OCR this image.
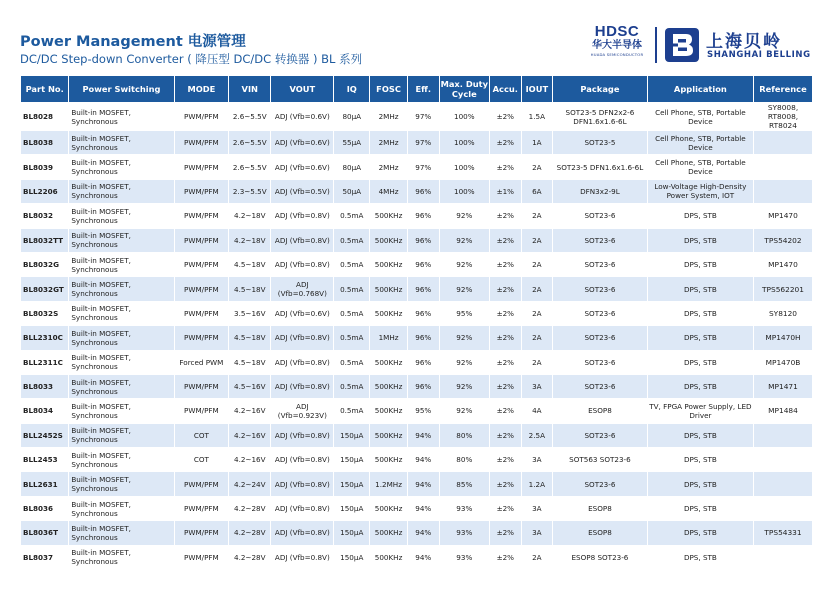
Power Management 电源管理
DC/DC Step-down Converter ( 降压型 DC/DC 转换器 ) BL 系列
HDSC
华大半导体
HUADA SEMICONDUCTOR
上海贝岭
SHANGHAI BELLING
Part No.	Power Switching	MODE	VIN	VOUT	IQ	FOSC	Eff.	Max. Duty Cycle	Accu.	IOUT	Package	Application	Reference
BL8028	Built-in MOSFET, Synchronous	PWM/PFM	2.6~5.5V	ADJ (Vfb=0.6V)	80μA	2MHz	97%	100%	±2%	1.5A	SOT23-5 DFN2x2-6 DFN1.6x1.6-6L	Cell Phone, STB, Portable Device	SY8008, RT8008, RT8024
BL8038	Built-in MOSFET, Synchronous	PWM/PFM	2.6~5.5V	ADJ (Vfb=0.6V)	55μA	2MHz	97%	100%	±2%	1A	SOT23-5	Cell Phone, STB, Portable Device	
BL8039	Built-in MOSFET, Synchronous	PWM/PFM	2.6~5.5V	ADJ (Vfb=0.6V)	80μA	2MHz	97%	100%	±2%	2A	SOT23-5 DFN1.6x1.6-6L	Cell Phone, STB, Portable Device	
BLL2206	Built-in MOSFET, Synchronous	PWM/PFM	2.3~5.5V	ADJ (Vfb=0.5V)	50μA	4MHz	96%	100%	±1%	6A	DFN3x2-9L	Low-Voltage High-Density Power System, IOT	
BL8032	Built-in MOSFET, Synchronous	PWM/PFM	4.2~18V	ADJ (Vfb=0.8V)	0.5mA	500KHz	96%	92%	±2%	2A	SOT23-6	DPS, STB	MP1470
BL8032TT	Built-in MOSFET, Synchronous	PWM/PFM	4.2~18V	ADJ (Vfb=0.8V)	0.5mA	500KHz	96%	92%	±2%	2A	SOT23-6	DPS, STB	TPS54202
BL8032G	Built-in MOSFET, Synchronous	PWM/PFM	4.5~18V	ADJ (Vfb=0.8V)	0.5mA	500KHz	96%	92%	±2%	2A	SOT23-6	DPS, STB	MP1470
BL8032GT	Built-in MOSFET, Synchronous	PWM/PFM	4.5~18V	ADJ (Vfb=0.768V)	0.5mA	500KHz	96%	92%	±2%	2A	SOT23-6	DPS, STB	TPS562201
BL8032S	Built-in MOSFET, Synchronous	PWM/PFM	3.5~16V	ADJ (Vfb=0.6V)	0.5mA	500KHz	96%	95%	±2%	2A	SOT23-6	DPS, STB	SY8120
BLL2310C	Built-in MOSFET, Synchronous	PWM/PFM	4.5~18V	ADJ (Vfb=0.8V)	0.5mA	1MHz	96%	92%	±2%	2A	SOT23-6	DPS, STB	MP1470H
BLL2311C	Built-in MOSFET, Synchronous	Forced PWM	4.5~18V	ADJ (Vfb=0.8V)	0.5mA	500KHz	96%	92%	±2%	2A	SOT23-6	DPS, STB	MP1470B
BL8033	Built-in MOSFET, Synchronous	PWM/PFM	4.5~16V	ADJ (Vfb=0.8V)	0.5mA	500KHz	96%	92%	±2%	3A	SOT23-6	DPS, STB	MP1471
BL8034	Built-in MOSFET, Synchronous	PWM/PFM	4.2~16V	ADJ (Vfb=0.923V)	0.5mA	500KHz	95%	92%	±2%	4A	ESOP8	TV, FPGA Power Supply, LED Driver	MP1484
BLL2452S	Built-in MOSFET, Synchronous	COT	4.2~16V	ADJ (Vfb=0.8V)	150μA	500KHz	94%	80%	±2%	2.5A	SOT23-6	DPS, STB	
BLL2453	Built-in MOSFET, Synchronous	COT	4.2~16V	ADJ (Vfb=0.8V)	150μA	500KHz	94%	80%	±2%	3A	SOT563 SOT23-6	DPS, STB	
BLL2631	Built-in MOSFET, Synchronous	PWM/PFM	4.2~24V	ADJ (Vfb=0.8V)	150μA	1.2MHz	94%	85%	±2%	1.2A	SOT23-6	DPS, STB	
BL8036	Built-in MOSFET, Synchronous	PWM/PFM	4.2~28V	ADJ (Vfb=0.8V)	150μA	500KHz	94%	93%	±2%	3A	ESOP8	DPS, STB	
BL8036T	Built-in MOSFET, Synchronous	PWM/PFM	4.2~28V	ADJ (Vfb=0.8V)	150μA	500KHz	94%	93%	±2%	3A	ESOP8	DPS, STB	TPS54331
BL8037	Built-in MOSFET, Synchronous	PWM/PFM	4.2~28V	ADJ (Vfb=0.8V)	150μA	500KHz	94%	93%	±2%	2A	ESOP8 SOT23-6	DPS, STB	
